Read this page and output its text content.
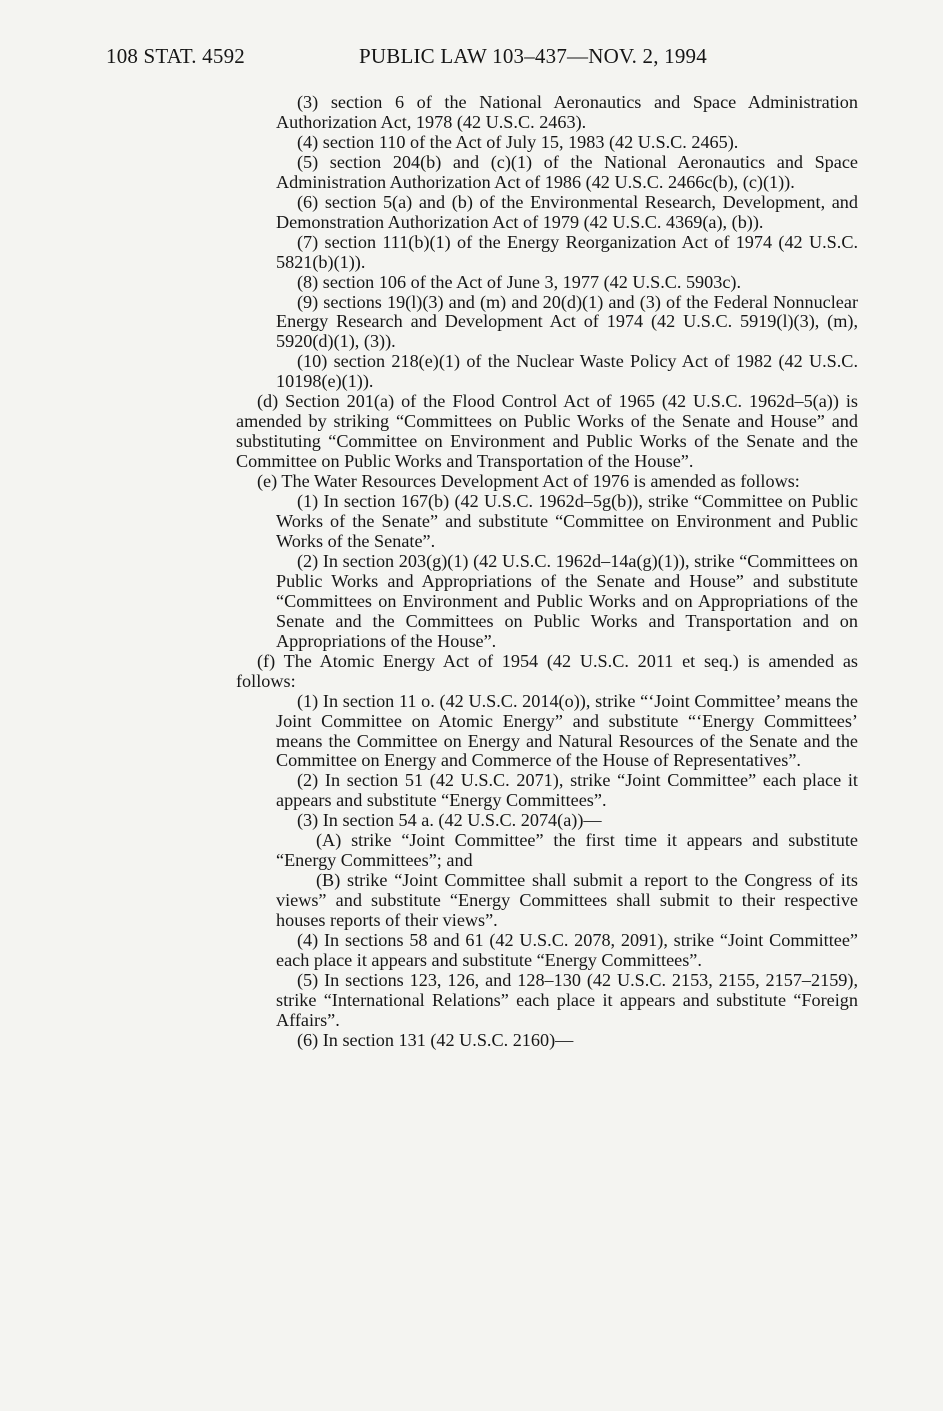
108 STAT. 4592	PUBLIC LAW 103–437—NOV. 2, 1994

(3) section 6 of the National Aeronautics and Space Administration Authorization Act, 1978 (42 U.S.C. 2463).

(4) section 110 of the Act of July 15, 1983 (42 U.S.C. 2465).

(5) section 204(b) and (c)(1) of the National Aeronautics and Space Administration Authorization Act of 1986 (42 U.S.C. 2466c(b), (c)(1)).

(6) section 5(a) and (b) of the Environmental Research, Development, and Demonstration Authorization Act of 1979 (42 U.S.C. 4369(a), (b)).

(7) section 111(b)(1) of the Energy Reorganization Act of 1974 (42 U.S.C. 5821(b)(1)).

(8) section 106 of the Act of June 3, 1977 (42 U.S.C. 5903c).

(9) sections 19(l)(3) and (m) and 20(d)(1) and (3) of the Federal Nonnuclear Energy Research and Development Act of 1974 (42 U.S.C. 5919(l)(3), (m), 5920(d)(1), (3)).

(10) section 218(e)(1) of the Nuclear Waste Policy Act of 1982 (42 U.S.C. 10198(e)(1)).

(d) Section 201(a) of the Flood Control Act of 1965 (42 U.S.C. 1962d–5(a)) is amended by striking “Committees on Public Works of the Senate and House” and substituting “Committee on Environment and Public Works of the Senate and the Committee on Public Works and Transportation of the House”.

(e) The Water Resources Development Act of 1976 is amended as follows:

(1) In section 167(b) (42 U.S.C. 1962d–5g(b)), strike “Committee on Public Works of the Senate” and substitute “Committee on Environment and Public Works of the Senate”.

(2) In section 203(g)(1) (42 U.S.C. 1962d–14a(g)(1)), strike “Committees on Public Works and Appropriations of the Senate and House” and substitute “Committees on Environment and Public Works and on Appropriations of the Senate and the Committees on Public Works and Transportation and on Appropriations of the House”.

(f) The Atomic Energy Act of 1954 (42 U.S.C. 2011 et seq.) is amended as follows:

(1) In section 11 o. (42 U.S.C. 2014(o)), strike “‘Joint Committee’ means the Joint Committee on Atomic Energy” and substitute “‘Energy Committees’ means the Committee on Energy and Natural Resources of the Senate and the Committee on Energy and Commerce of the House of Representatives”.

(2) In section 51 (42 U.S.C. 2071), strike “Joint Committee” each place it appears and substitute “Energy Committees”.

(3) In section 54 a. (42 U.S.C. 2074(a))—

(A) strike “Joint Committee” the first time it appears and substitute “Energy Committees”; and

(B) strike “Joint Committee shall submit a report to the Congress of its views” and substitute “Energy Committees shall submit to their respective houses reports of their views”.

(4) In sections 58 and 61 (42 U.S.C. 2078, 2091), strike “Joint Committee” each place it appears and substitute “Energy Committees”.

(5) In sections 123, 126, and 128–130 (42 U.S.C. 2153, 2155, 2157–2159), strike “International Relations” each place it appears and substitute “Foreign Affairs”.

(6) In section 131 (42 U.S.C. 2160)—
